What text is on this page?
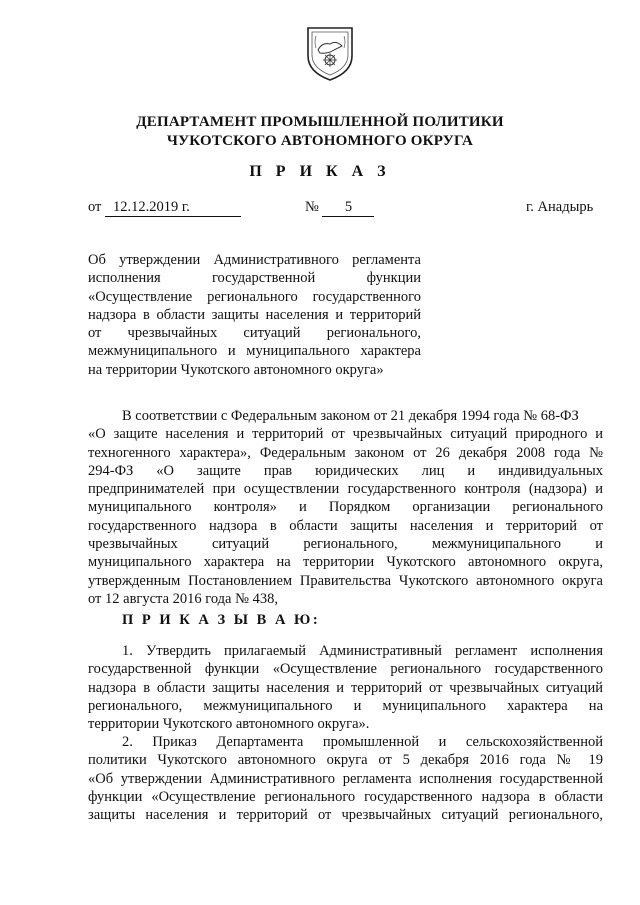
ДЕПАРТАМЕНТ ПРОМЫШЛЕННОЙ ПОЛИТИКИ
ЧУКОТСКОГО АВТОНОМНОГО ОКРУГА
П Р И К А З
от 12.12.2019 г.	№ 5	г. Анадырь
Об утверждении Административного регламента
исполнения государственной функции
«Осуществление регионального государственного
надзора в области защиты населения и территорий
от чрезвычайных ситуаций регионального,
межмуниципального и муниципального характера
на территории Чукотского автономного округа»
В соответствии с Федеральным законом от 21 декабря 1994 года № 68-ФЗ
«О защите населения и территорий от чрезвычайных ситуаций природного и
техногенного характера», Федеральным законом от 26 декабря 2008 года №
294-ФЗ «О защите прав юридических лиц и индивидуальных
предпринимателей при осуществлении государственного контроля (надзора) и
муниципального контроля» и Порядком организации регионального
государственного надзора в области защиты населения и территорий от
чрезвычайных ситуаций регионального, межмуниципального и
муниципального характера на территории Чукотского автономного округа,
утвержденным Постановлением Правительства Чукотского автономного округа
от 12 августа 2016 года № 438,
П Р И К А З Ы В А Ю:
1. Утвердить прилагаемый Административный регламент исполнения
государственной функции «Осуществление регионального государственного
надзора в области защиты населения и территорий от чрезвычайных ситуаций
регионального, межмуниципального и муниципального характера на
территории Чукотского автономного округа».
2. Приказ Департамента промышленной и сельскохозяйственной
политики Чукотского автономного округа от 5 декабря 2016 года № 19
«Об утверждении Административного регламента исполнения государственной
функции «Осуществление регионального государственного надзора в области
защиты населения и территорий от чрезвычайных ситуаций регионального,
